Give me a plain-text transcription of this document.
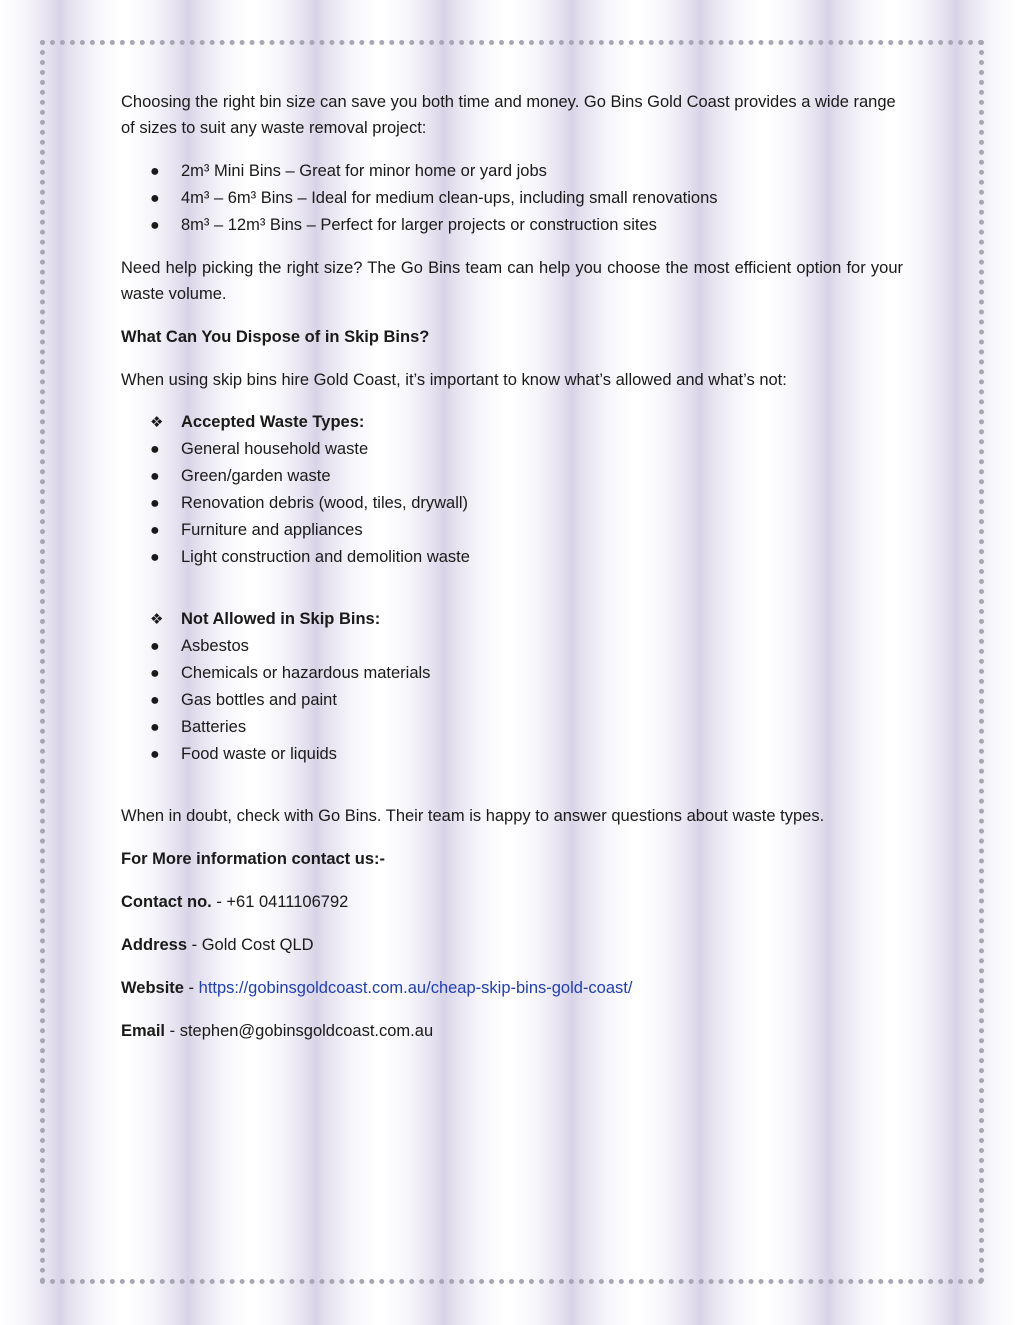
Choosing the right bin size can save you both time and money. Go Bins Gold Coast provides a wide range of sizes to suit any waste removal project:

● 2m³ Mini Bins – Great for minor home or yard jobs
● 4m³ – 6m³ Bins – Ideal for medium clean-ups, including small renovations
● 8m³ – 12m³ Bins – Perfect for larger projects or construction sites

Need help picking the right size? The Go Bins team can help you choose the most efficient option for your waste volume.

What Can You Dispose of in Skip Bins?

When using skip bins hire Gold Coast, it’s important to know what’s allowed and what’s not:

❖ Accepted Waste Types:
● General household waste
● Green/garden waste
● Renovation debris (wood, tiles, drywall)
● Furniture and appliances
● Light construction and demolition waste
❖ Not Allowed in Skip Bins:
● Asbestos
● Chemicals or hazardous materials
● Gas bottles and paint
● Batteries
● Food waste or liquids

When in doubt, check with Go Bins. Their team is happy to answer questions about waste types.

For More information contact us:-

Contact no. - +61 0411106792

Address - Gold Cost QLD

Website - https://gobinsgoldcoast.com.au/cheap-skip-bins-gold-coast/

Email - stephen@gobinsgoldcoast.com.au
